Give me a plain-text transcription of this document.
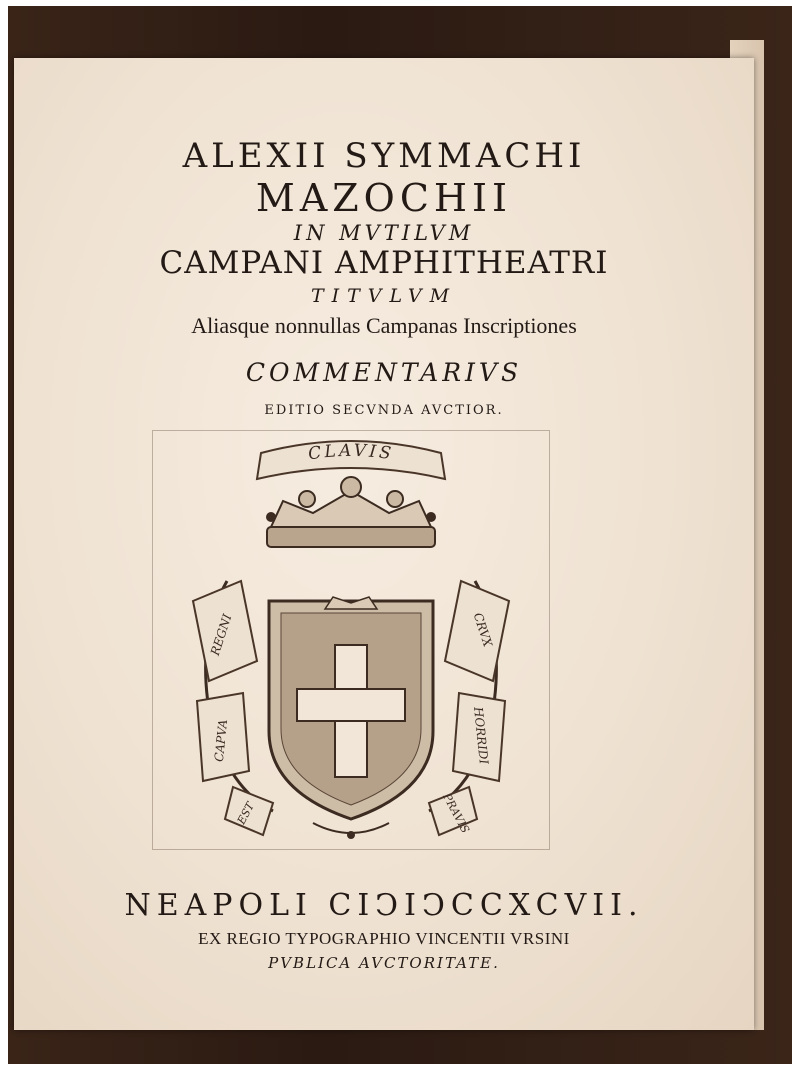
ALEXII SYMMACHI
MAZOCHII
IN MVTILVM
CAMPANI AMPHITHEATRI
TITVLVM
Aliasque nonnullas Campanas Inscriptiones
COMMENTARIVS
EDITIO SECVNDA AVCTIOR.
CLAVIS
REGNI	CRVX
CAPVA	HORRIDI
EST	PRAVIS
NEAPOLI CIϽIϽCCXCVII.
EX REGIO TYPOGRAPHIO VINCENTII VRSINI
PVBLICA AVCTORITATE.
